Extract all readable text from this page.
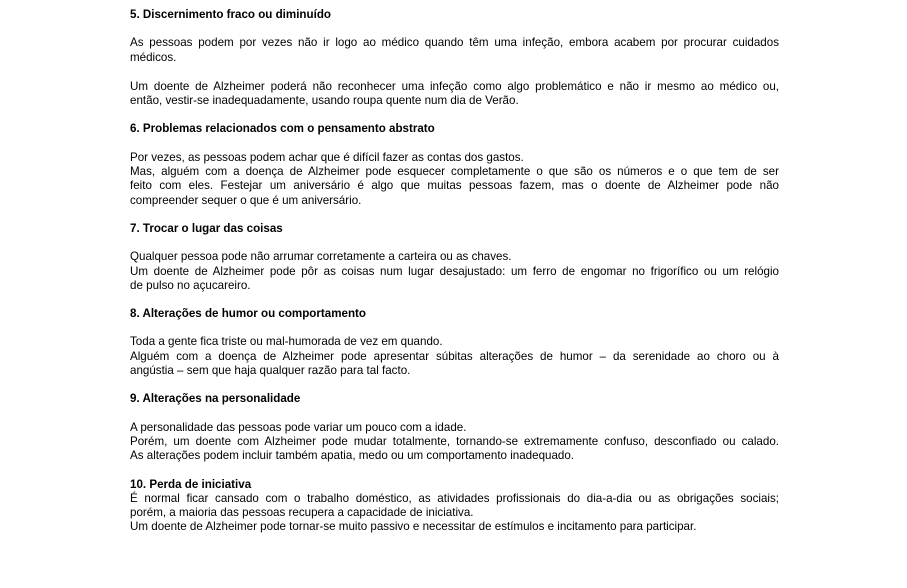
5. Discernimento fraco ou diminuído

As pessoas podem por vezes não ir logo ao médico quando têm uma infeção, embora acabem por procurar cuidados
médicos.

Um doente de Alzheimer poderá não reconhecer uma infeção como algo problemático e não ir mesmo ao médico ou,
então, vestir-se inadequadamente, usando roupa quente num dia de Verão.

6. Problemas relacionados com o pensamento abstrato

Por vezes, as pessoas podem achar que é difícil fazer as contas dos gastos.
Mas, alguém com a doença de Alzheimer pode esquecer completamente o que são os números e o que tem de ser
feito com eles. Festejar um aniversário é algo que muitas pessoas fazem, mas o doente de Alzheimer pode não
compreender sequer o que é um aniversário.

7. Trocar o lugar das coisas

Qualquer pessoa pode não arrumar corretamente a carteira ou as chaves.
Um doente de Alzheimer pode pôr as coisas num lugar desajustado: um ferro de engomar no frigorífico ou um relógio
de pulso no açucareiro.

8. Alterações de humor ou comportamento

Toda a gente fica triste ou mal-humorada de vez em quando.
Alguém com a doença de Alzheimer pode apresentar súbitas alterações de humor – da serenidade ao choro ou à
angústia – sem que haja qualquer razão para tal facto.

9. Alterações na personalidade

A personalidade das pessoas pode variar um pouco com a idade.
Porém, um doente com Alzheimer pode mudar totalmente, tornando-se extremamente confuso, desconfiado ou calado.
As alterações podem incluir também apatia, medo ou um comportamento inadequado.

10. Perda de iniciativa

É normal ficar cansado com o trabalho doméstico, as atividades profissionais do dia-a-dia ou as obrigações sociais;
porém, a maioria das pessoas recupera a capacidade de iniciativa.
Um doente de Alzheimer pode tornar-se muito passivo e necessitar de estímulos e incitamento para participar.
